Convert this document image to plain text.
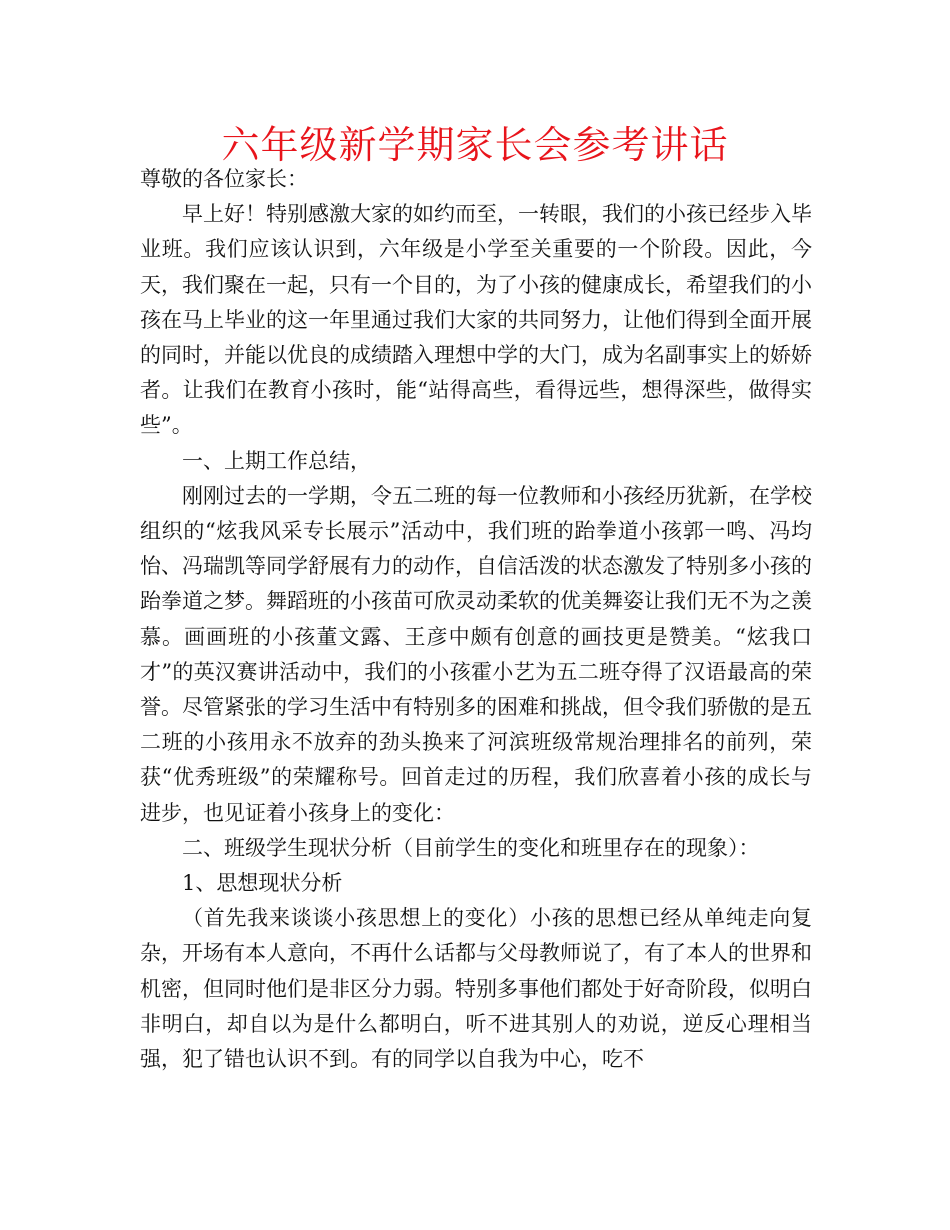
六年级新学期家长会参考讲话

尊敬的各位家长：

早上好！特别感激大家的如约而至，一转眼，我们的小孩已经步入毕业班。我们应该认识到，六年级是小学至关重要的一个阶段。因此，今天，我们聚在一起，只有一个目的，为了小孩的健康成长，希望我们的小孩在马上毕业的这一年里通过我们大家的共同努力，让他们得到全面开展的同时，并能以优良的成绩踏入理想中学的大门，成为名副事实上的娇娇者。让我们在教育小孩时，能“站得高些，看得远些，想得深些，做得实些”。

一、上期工作总结，

刚刚过去的一学期，令五二班的每一位教师和小孩经历犹新，在学校组织的“炫我风采专长展示”活动中，我们班的跆拳道小孩郭一鸣、冯均怡、冯瑞凯等同学舒展有力的动作，自信活泼的状态激发了特别多小孩的跆拳道之梦。舞蹈班的小孩苗可欣灵动柔软的优美舞姿让我们无不为之羡慕。画画班的小孩董文露、王彦中颇有创意的画技更是赞美。“炫我口才”的英汉赛讲活动中，我们的小孩霍小艺为五二班夺得了汉语最高的荣誉。尽管紧张的学习生活中有特别多的困难和挑战，但令我们骄傲的是五二班的小孩用永不放弃的劲头换来了河滨班级常规治理排名的前列，荣获“优秀班级”的荣耀称号。回首走过的历程，我们欣喜着小孩的成长与进步，也见证着小孩身上的变化：

二、班级学生现状分析（目前学生的变化和班里存在的现象）：

1、思想现状分析

（首先我来谈谈小孩思想上的变化）小孩的思想已经从单纯走向复杂，开场有本人意向，不再什么话都与父母教师说了，有了本人的世界和机密，但同时他们是非区分力弱。特别多事他们都处于好奇阶段，似明白非明白，却自以为是什么都明白，听不进其别人的劝说，逆反心理相当强，犯了错也认识不到。有的同学以自我为中心，吃不
